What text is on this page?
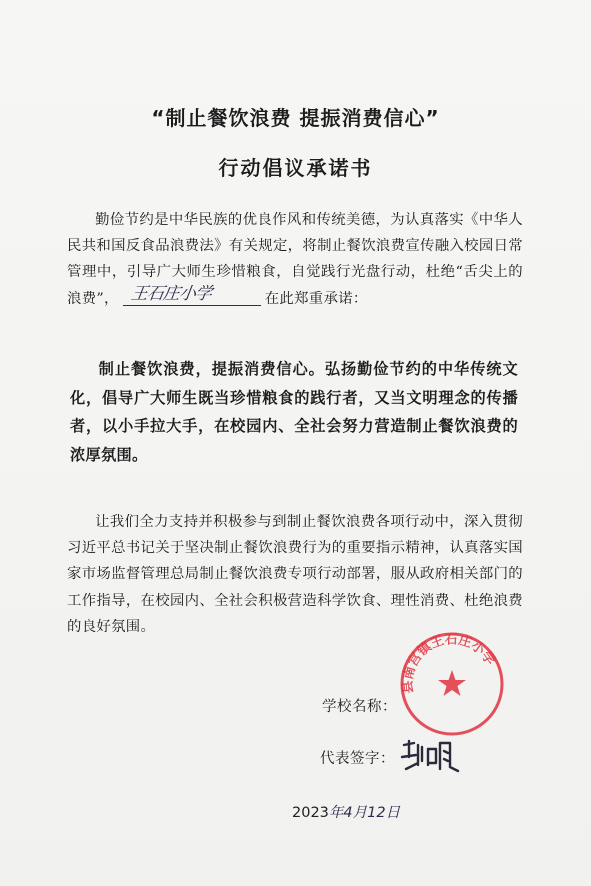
“制止餐饮浪费 提振消费信心”
行动倡议承诺书
勤俭节约是中华民族的优良作风和传统美德，为认真落实《中华人民共和国反食品浪费法》有关规定，将制止餐饮浪费宣传融入校园日常管理中，引导广大师生珍惜粮食，自觉践行光盘行动，杜绝“舌尖上的浪费”， 王石庄小学	在此郑重承诺：
制止餐饮浪费，提振消费信心。弘扬勤俭节约的中华传统文化，倡导广大师生既当珍惜粮食的践行者，又当文明理念的传播者，以小手拉大手，在校园内、全社会努力营造制止餐饮浪费的浓厚氛围。
让我们全力支持并积极参与到制止餐饮浪费各项行动中，深入贯彻习近平总书记关于坚决制止餐饮浪费行为的重要指示精神，认真落实国家市场监督管理总局制止餐饮浪费专项行动部署，服从政府相关部门的工作指导，在校园内、全社会积极营造科学饮食、理性消费、杜绝浪费的良好氛围。
县南宫镇王石庄小学
学校名称：
代表签字：
2023年4月12日
